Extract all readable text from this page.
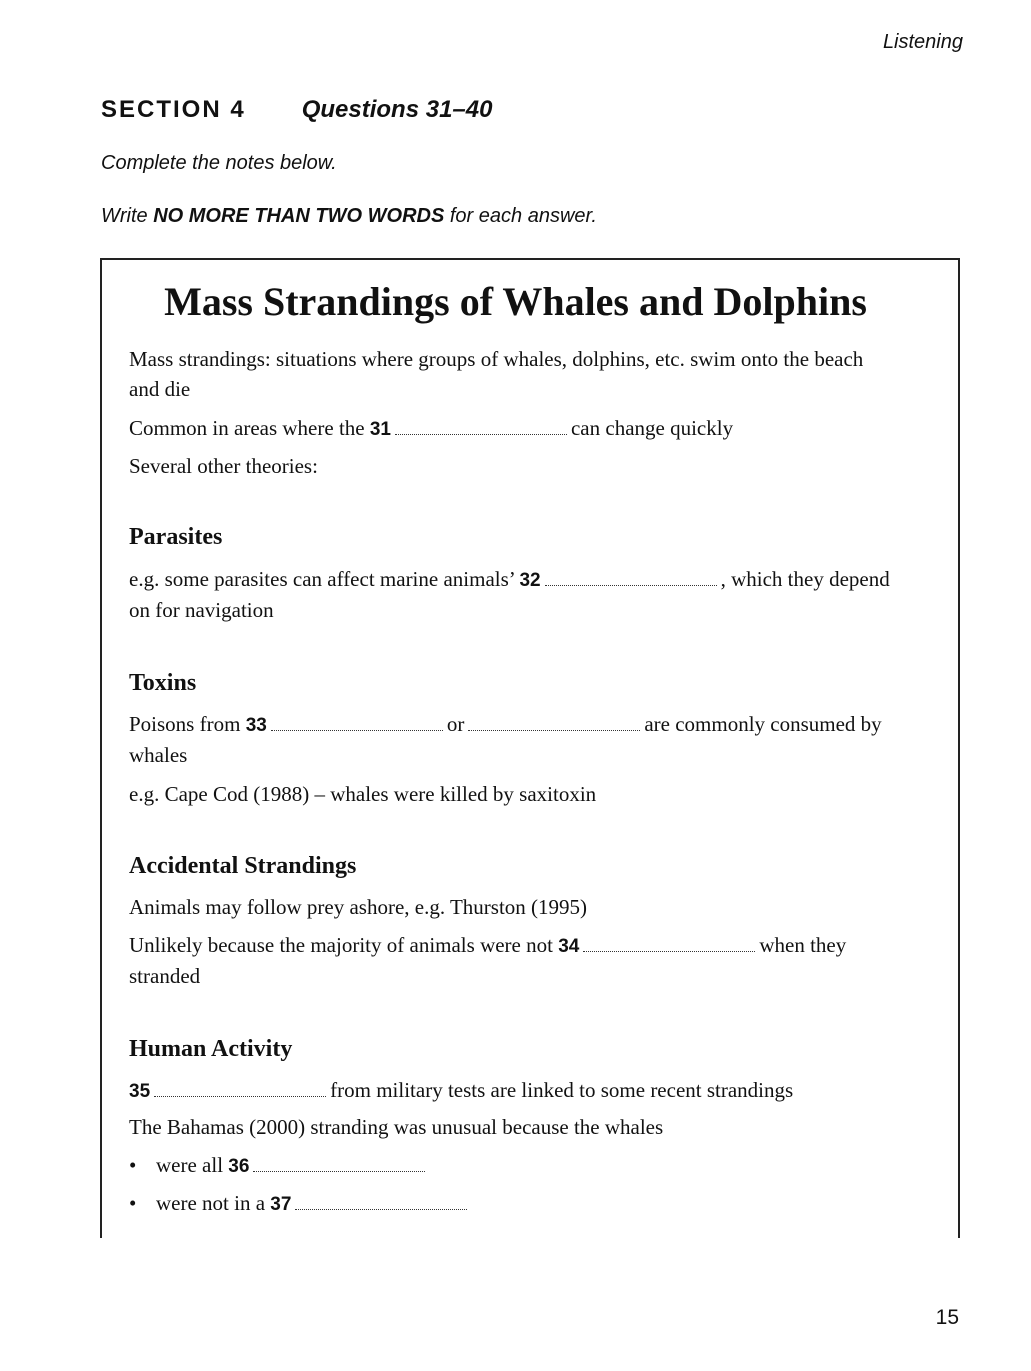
Listening
SECTION 4 Questions 31–40
Complete the notes below.
Write NO MORE THAN TWO WORDS for each answer.
Mass Strandings of Whales and Dolphins
Mass strandings: situations where groups of whales, dolphins, etc. swim onto the beach
and die
Common in areas where the 31	can change quickly
Several other theories:
Parasites
e.g. some parasites can affect marine animals’ 32	, which they depend
on for navigation
Toxins
Poisons from 33	or	are commonly consumed by
whales
e.g. Cape Cod (1988) – whales were killed by saxitoxin
Accidental Strandings
Animals may follow prey ashore, e.g. Thurston (1995)
Unlikely because the majority of animals were not 34	when they
stranded
Human Activity
35	from military tests are linked to some recent strandings
The Bahamas (2000) stranding was unusual because the whales
• were all 36
• were not in a 37
15
